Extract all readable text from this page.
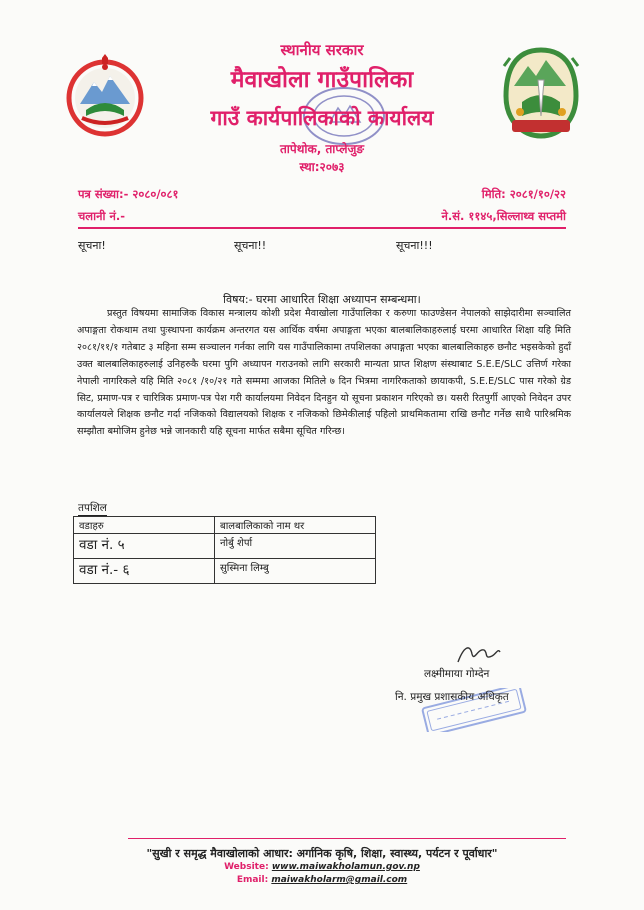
स्थानीय सरकार
मैवाखोला गाउँपालिका
गाउँ कार्यपालिकाको कार्यालय
तापेथोक, ताप्लेजुङ
स्था:२०७३
पत्र संख्या:- २०८०/०८१
चलानी नं.-
मिति: २०८१/१०/२२
ने.सं. ११४५,सिल्लाथ्व सप्तमी
सूचना!	सूचना!!	सूचना!!!
विषय:- घरमा आधारित शिक्षा अध्यापन सम्बन्धमा।
प्रस्तुत विषयमा सामाजिक विकास मन्त्रालय कोशी प्रदेश मैवाखोला गाउँपालिका र करुणा फाउण्डेसन नेपालको साझेदारीमा सञ्चालित अपाङ्गता रोकथाम तथा पुःस्थापना कार्यक्रम अन्तरगत यस आर्थिक वर्षमा अपाङ्गता भएका बालबालिकाहरुलाई घरमा आधारित शिक्षा यहि मिति २०८१/११/१ गतेबाट ३ महिना सम्म सञ्चालन गर्नका लागि यस गाउँपालिकामा तपशिलका अपाङ्गता भएका बालबालिकाहरु छनौट भइसकेको हुदाँ उक्त बालबालिकाहरुलाई उनिहरुकै घरमा पुगि अध्यापन गराउनको लागि सरकारी मान्यता प्राप्त शिक्षण संस्थाबाट S.E.E/SLC उत्तिर्ण गरेका नेपाली नागरिकले यहि मिति २०८१ /१०/२१ गते सम्ममा आजका मितिले ७ दिन भित्रमा नागरिकताको छायाकपी, S.E.E/SLC पास गरेको ग्रेड सिट, प्रमाण-पत्र र चारित्रिक प्रमाण-पत्र पेश गरी कार्यालयमा निवेदन दिनहुन यो सूचना प्रकाशन गरिएको छ। यसरी रितपुर्गी आएको निवेदन उपर कार्यालयले शिक्षक छनौट गर्दा नजिकको विद्यालयको शिक्षक र नजिकको छिमेकीलाई पहिलो प्राथमिकतामा राखि छनौट गर्नेछ साथै पारिश्रमिक सम्झौता बमोजिम हुनेछ भन्ने जानकारी यहि सूचना मार्फत सबैमा सूचित गरिन्छ।
तपशिल
वडाहरु	बालबालिकाको नाम थर
वडा नं. ५	नोर्बु शेर्पा
वडा नं.- ६	सुस्मिना लिम्बु
लक्ष्मीमाया गोम्देन
नि. प्रमुख प्रशासकीय अधिकृत
"सुखी र समृद्ध मैवाखोलाको आधार: अर्गानिक कृषि, शिक्षा, स्वास्थ्य, पर्यटन र पूर्वाधार"
Website: www.maiwakholamun.gov.np
Email: maiwakholarm@gmail.com
